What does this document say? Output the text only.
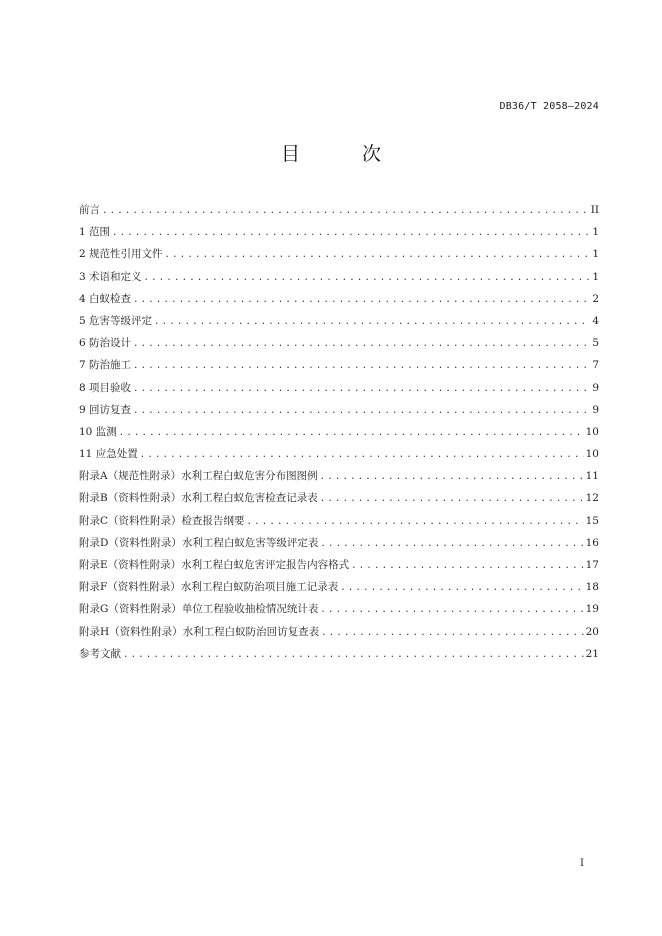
DB36/T 2058—2024
目 次
前言 .....	II
1 范围 .....	1
2 规范性引用文件 .....	1
3 术语和定义 .....	1
4 白蚁检查 .....	2
5 危害等级评定 .....	4
6 防治设计 .....	5
7 防治施工 .....	7
8 项目验收 .....	9
9 回访复查 .....	9
10 监测 .....	10
11 应急处置 .....	10
附录A（规范性附录）水利工程白蚁危害分布图图例 .....	11
附录B（资料性附录）水利工程白蚁危害检查记录表 .....	12
附录C（资料性附录）检查报告纲要 .....	15
附录D（资料性附录）水利工程白蚁危害等级评定表 .....	16
附录E（资料性附录）水利工程白蚁危害评定报告内容格式 .....	17
附录F（资料性附录）水利工程白蚁防治项目施工记录表 .....	18
附录G（资料性附录）单位工程验收抽检情况统计表 .....	19
附录H（资料性附录）水利工程白蚁防治回访复查表 .....	20
参考文献 .....	21
I
